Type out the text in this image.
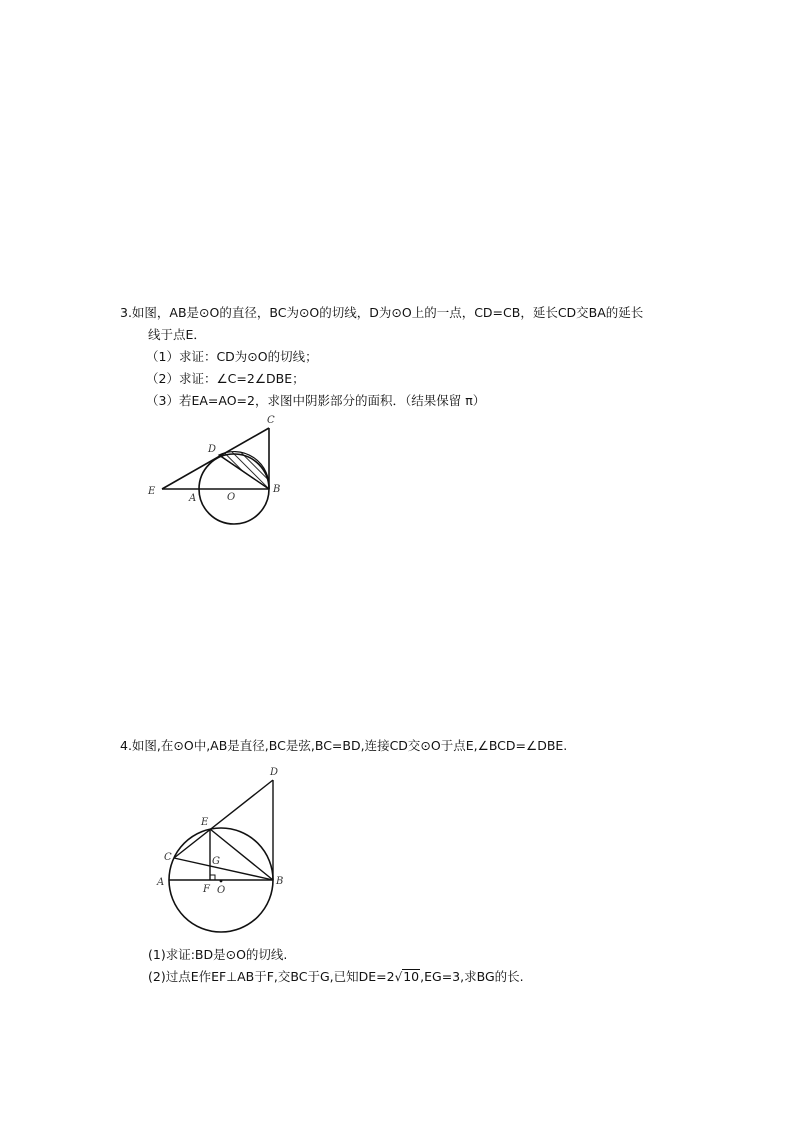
3.如图，AB是⊙O的直径，BC为⊙O的切线，D为⊙O上的一点，CD=CB，延长CD交BA的延长
线于点E．
（1）求证：CD为⊙O的切线；
（2）求证：∠C=2∠DBE；
（3）若EA=AO=2，求图中阴影部分的面积．（结果保留 π）
C
D
E
A	O
B
D
E
C	G
A
F O
B
4.如图,在⊙O中,AB是直径,BC是弦,BC=BD,连接CD交⊙O于点E,∠BCD=∠DBE.
(1)求证:BD是⊙O的切线.
(2)过点E作EF⊥AB于F,交BC于G,已知DE=2√10,EG=3,求BG的长.
